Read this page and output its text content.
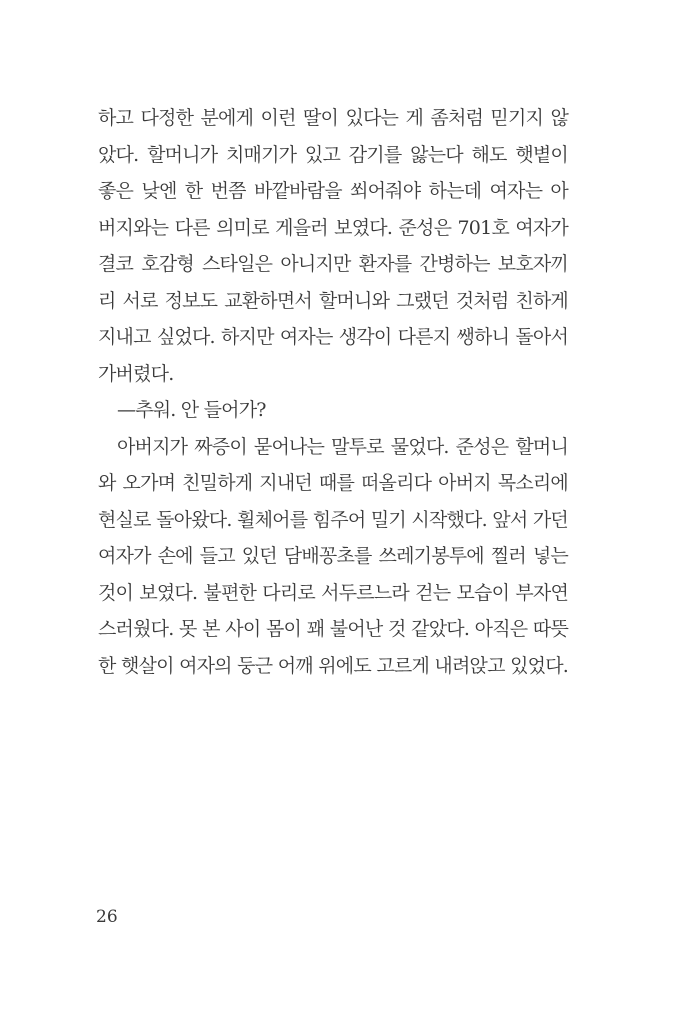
하고 다정한 분에게 이런 딸이 있다는 게 좀처럼 믿기지 않
았다. 할머니가 치매기가 있고 감기를 앓는다 해도 햇볕이
좋은 낮엔 한 번쯤 바깥바람을 쐬어줘야 하는데 여자는 아
버지와는 다른 의미로 게을러 보였다. 준성은 701호 여자가
결코 호감형 스타일은 아니지만 환자를 간병하는 보호자끼
리 서로 정보도 교환하면서 할머니와 그랬던 것처럼 친하게
지내고 싶었다. 하지만 여자는 생각이 다른지 쌩하니 돌아서
가버렸다.
—추워. 안 들어가?
아버지가 짜증이 묻어나는 말투로 물었다. 준성은 할머니
와 오가며 친밀하게 지내던 때를 떠올리다 아버지 목소리에
현실로 돌아왔다. 휠체어를 힘주어 밀기 시작했다. 앞서 가던
여자가 손에 들고 있던 담배꽁초를 쓰레기봉투에 찔러 넣는
것이 보였다. 불편한 다리로 서두르느라 걷는 모습이 부자연
스러웠다. 못 본 사이 몸이 꽤 불어난 것 같았다. 아직은 따뜻
한 햇살이 여자의 둥근 어깨 위에도 고르게 내려앉고 있었다.
26
